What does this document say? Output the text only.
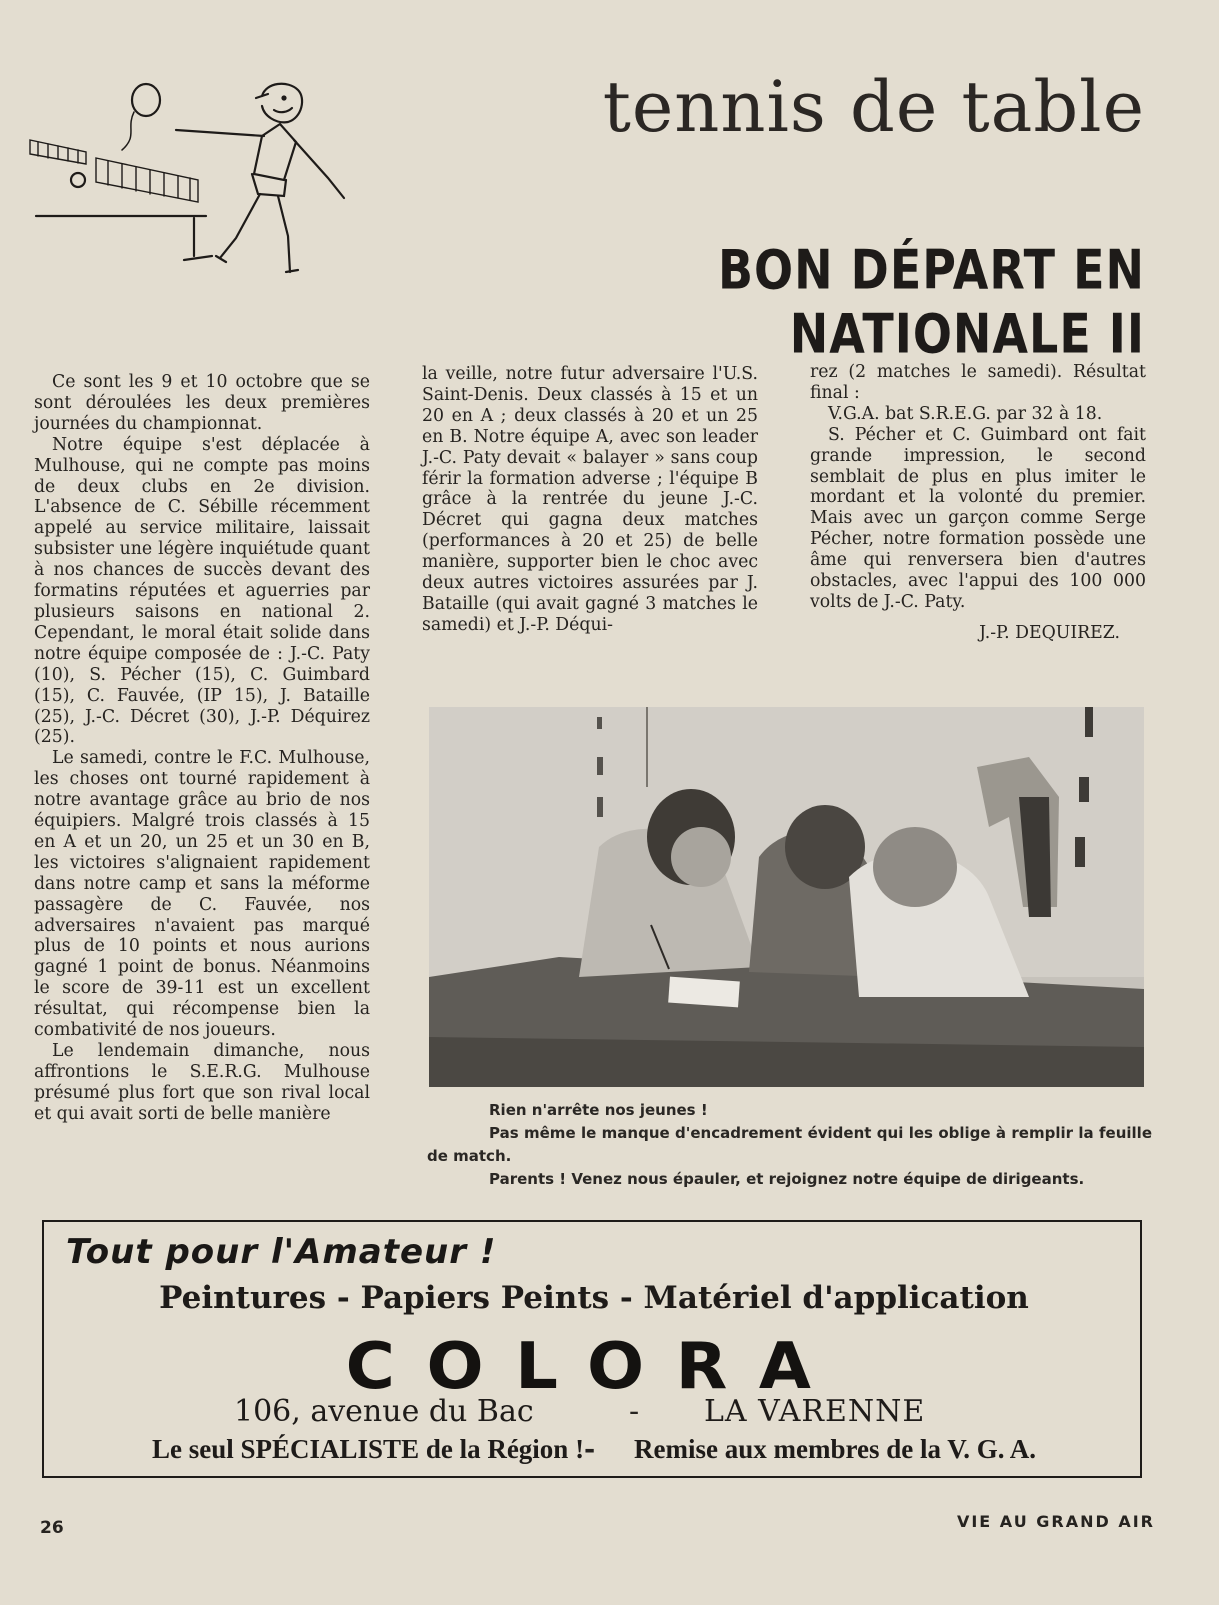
tennis de table
BON DÉPART EN NATIONALE II

Ce sont les 9 et 10 octobre que se sont déroulées les deux premières journées du championnat.

Notre équipe s'est déplacée à Mulhouse, qui ne compte pas moins de deux clubs en 2e division. L'absence de C. Sébille récemment appelé au service militaire, laissait subsister une légère inquiétude quant à nos chances de succès devant des formatins réputées et aguerries par plusieurs saisons en national 2. Cependant, le moral était solide dans notre équipe composée de : J.-C. Paty (10), S. Pécher (15), C. Guimbard (15), C. Fauvée, (IP 15), J. Bataille (25), J.-C. Décret (30), J.-P. Déquirez (25).

Le samedi, contre le F.C. Mulhouse, les choses ont tourné rapidement à notre avantage grâce au brio de nos équipiers. Malgré trois classés à 15 en A et un 20, un 25 et un 30 en B, les victoires s'alignaient rapidement dans notre camp et sans la méforme passagère de C. Fauvée, nos adversaires n'avaient pas marqué plus de 10 points et nous aurions gagné 1 point de bonus. Néanmoins le score de 39-11 est un excellent résultat, qui récompense bien la combativité de nos joueurs.

Le lendemain dimanche, nous affrontions le S.E.R.G. Mulhouse présumé plus fort que son rival local et qui avait sorti de belle manière

la veille, notre futur adversaire l'U.S. Saint-Denis. Deux classés à 15 et un 20 en A ; deux classés à 20 et un 25 en B. Notre équipe A, avec son leader J.-C. Paty devait « balayer » sans coup férir la formation adverse ; l'équipe B grâce à la rentrée du jeune J.-C. Décret qui gagna deux matches (performances à 20 et 25) de belle manière, supporter bien le choc avec deux autres victoires assurées par J. Bataille (qui avait gagné 3 matches le samedi) et J.-P. Déqui-

rez (2 matches le samedi). Résultat final :

V.G.A. bat S.R.E.G. par 32 à 18.

S. Pécher et C. Guimbard ont fait grande impression, le second semblait de plus en plus imiter le mordant et la volonté du premier. Mais avec un garçon comme Serge Pécher, notre formation possède une âme qui renversera bien d'autres obstacles, avec l'appui des 100 000 volts de J.-C. Paty.

J.-P. DEQUIREZ.

Rien n'arrête nos jeunes !

Pas même le manque d'encadrement évident qui les oblige à remplir la feuille de match.

Parents ! Venez nous épauler, et rejoignez notre équipe de dirigeants.

Tout pour l'Amateur !
Peintures - Papiers Peints - Matériel d'application
COLORA
106, avenue du Bac	- LA VARENNE
Le seul SPÉCIALISTE de la Région ! - Remise aux membres de la V. G. A.
26	VIE AU GRAND AIR
